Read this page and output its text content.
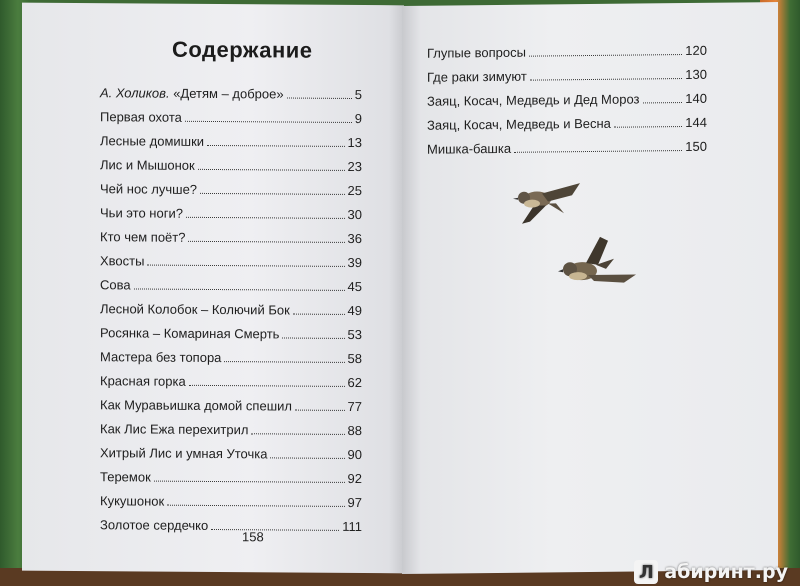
Содержание
А. Холиков. «Детям – доброе»	5
Первая охота	9
Лесные домишки	13
Лис и Мышонок	23
Чей нос лучше?	25
Чьи это ноги?	30
Кто чем поёт?	36
Хвосты	39
Сова	45
Лесной Колобок – Колючий Бок	49
Росянка – Комариная Смерть	53
Мастера без топора	58
Красная горка	62
Как Муравьишка домой спешил	77
Как Лис Ежа перехитрил	88
Хитрый Лис и умная Уточка	90
Теремок	92
Кукушонок	97
Золотое сердечко	111
158
Глупые вопросы	120
Где раки зимуют	130
Заяц, Косач, Медведь и Дед Мороз	140
Заяц, Косач, Медведь и Весна	144
Мишка-башка	150
Л абиринт.ру
